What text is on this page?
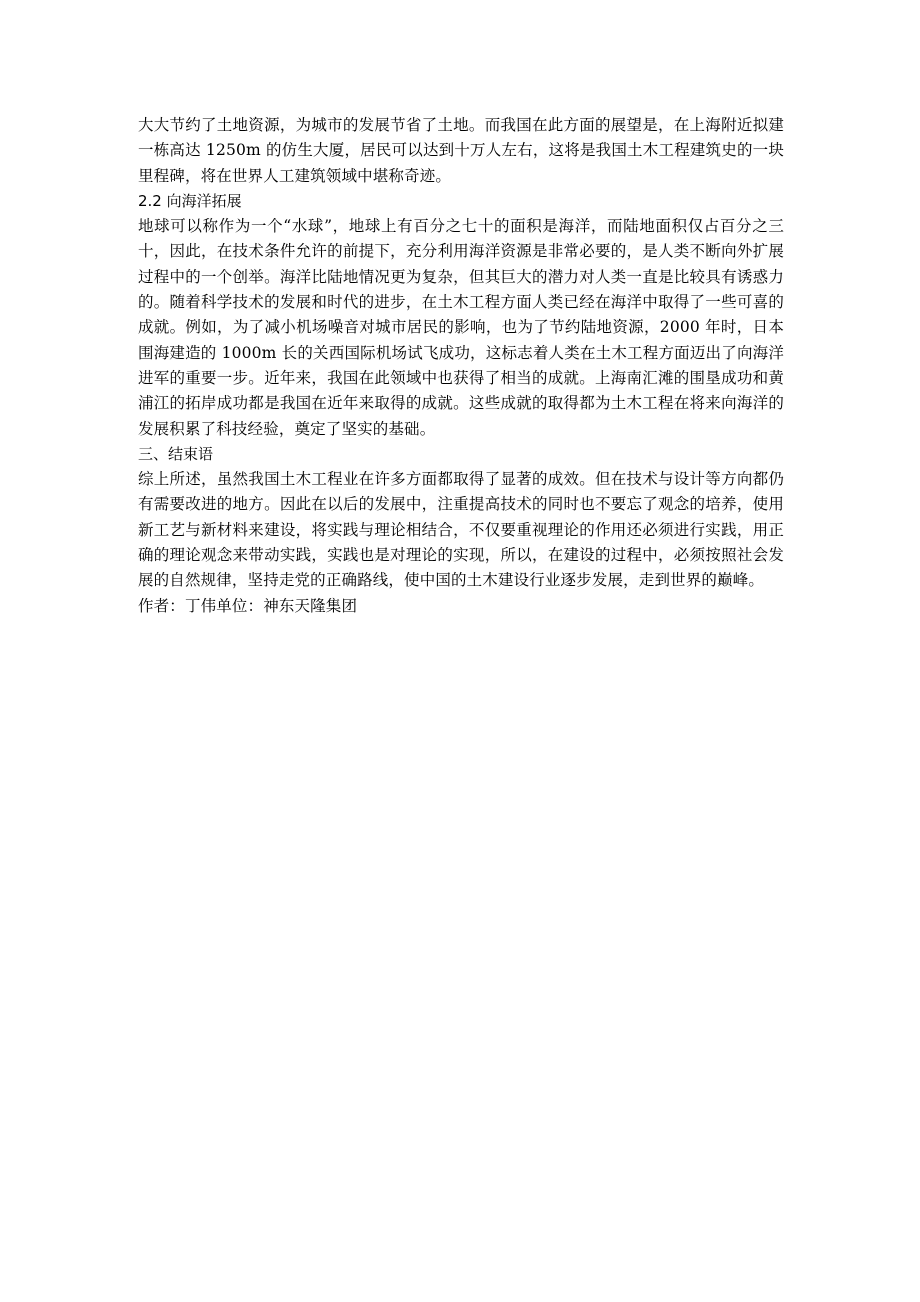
大大节约了土地资源，为城市的发展节省了土地。而我国在此方面的展望是，在上海附近拟建一栋高达 1250m 的仿生大厦，居民可以达到十万人左右，这将是我国土木工程建筑史的一块里程碑，将在世界人工建筑领域中堪称奇迹。

2.2 向海洋拓展

地球可以称作为一个“水球”，地球上有百分之七十的面积是海洋，而陆地面积仅占百分之三十，因此，在技术条件允许的前提下，充分利用海洋资源是非常必要的，是人类不断向外扩展过程中的一个创举。海洋比陆地情况更为复杂，但其巨大的潜力对人类一直是比较具有诱惑力的。随着科学技术的发展和时代的进步，在土木工程方面人类已经在海洋中取得了一些可喜的成就。例如，为了减小机场噪音对城市居民的影响，也为了节约陆地资源，2000 年时，日本围海建造的 1000m 长的关西国际机场试飞成功，这标志着人类在土木工程方面迈出了向海洋进军的重要一步。近年来，我国在此领域中也获得了相当的成就。上海南汇滩的围垦成功和黄浦江的拓岸成功都是我国在近年来取得的成就。这些成就的取得都为土木工程在将来向海洋的发展积累了科技经验，奠定了坚实的基础。

三、结束语

综上所述，虽然我国土木工程业在许多方面都取得了显著的成效。但在技术与设计等方向都仍有需要改进的地方。因此在以后的发展中，注重提高技术的同时也不要忘了观念的培养，使用新工艺与新材料来建设，将实践与理论相结合，不仅要重视理论的作用还必须进行实践，用正确的理论观念来带动实践，实践也是对理论的实现，所以，在建设的过程中，必须按照社会发展的自然规律，坚持走党的正确路线，使中国的土木建设行业逐步发展，走到世界的巅峰。

作者：丁伟单位：神东天隆集团
